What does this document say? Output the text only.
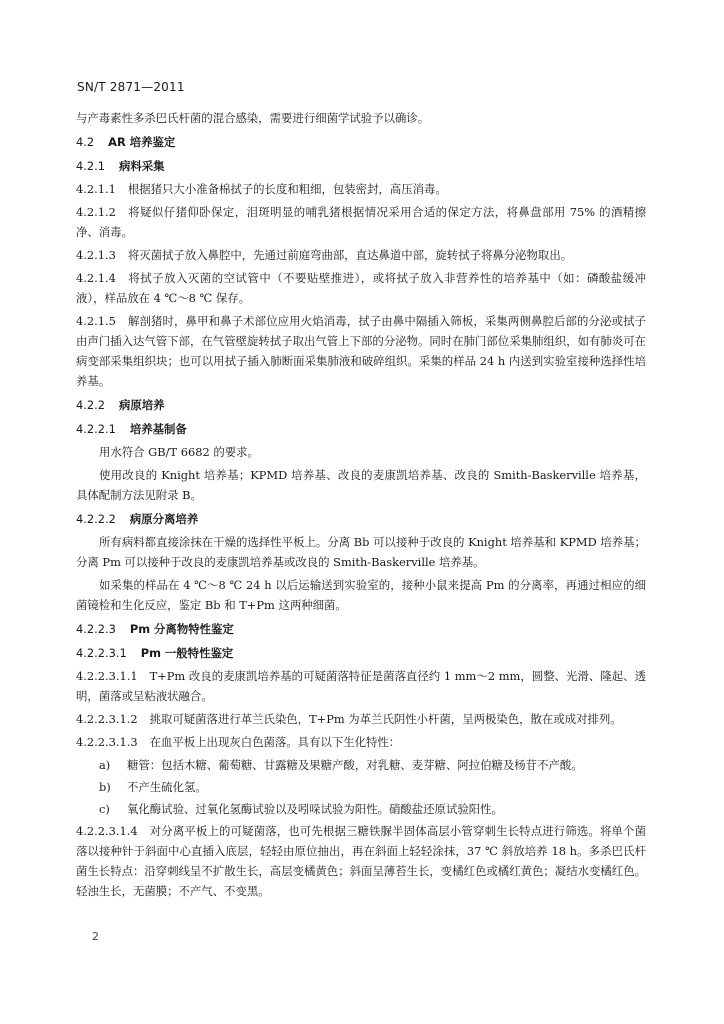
SN/T 2871—2011

与产毒素性多杀巴氏杆菌的混合感染，需要进行细菌学试验予以确诊。

4.2 AR 培养鉴定
4.2.1 病料采集

4.2.1.1 根据猪只大小准备棉拭子的长度和粗细，包装密封，高压消毒。

4.2.1.2 将疑似仔猪仰卧保定，泪斑明显的哺乳猪根据情况采用合适的保定方法，将鼻盘部用 75% 的酒精擦净、消毒。

4.2.1.3 将灭菌拭子放入鼻腔中，先通过前庭弯曲部，直达鼻道中部，旋转拭子将鼻分泌物取出。

4.2.1.4 将拭子放入灭菌的空试管中（不要贴壁推进），或将拭子放入非营养性的培养基中（如：磷酸盐缓冲液），样品放在 4 ℃～8 ℃ 保存。

4.2.1.5 解剖猪时，鼻甲和鼻子术部位应用火焰消毒，拭子由鼻中隔插入筛板，采集两侧鼻腔后部的分泌或拭子由声门插入达气管下部，在气管壁旋转拭子取出气管上下部的分泌物。同时在肺门部位采集肺组织，如有肺炎可在病变部采集组织块；也可以用拭子插入肺断面采集肺液和破碎组织。采集的样品 24 h 内送到实验室接种选择性培养基。

4.2.2 病原培养
4.2.2.1 培养基制备

用水符合 GB/T 6682 的要求。

使用改良的 Knight 培养基；KPMD 培养基、改良的麦康凯培养基、改良的 Smith-Baskerville 培养基，具体配制方法见附录 B。

4.2.2.2 病原分离培养

所有病料都直接涂抹在干燥的选择性平板上。分离 Bb 可以接种于改良的 Knight 培养基和 KPMD 培养基；分离 Pm 可以接种于改良的麦康凯培养基或改良的 Smith-Baskerville 培养基。

如采集的样品在 4 ℃～8 ℃ 24 h 以后运输送到实验室的，接种小鼠来提高 Pm 的分离率，再通过相应的细菌镜检和生化反应，鉴定 Bb 和 T+Pm 这两种细菌。

4.2.2.3 Pm 分离物特性鉴定
4.2.2.3.1 Pm 一般特性鉴定

4.2.2.3.1.1 T+Pm 改良的麦康凯培养基的可疑菌落特征是菌落直径约 1 mm～2 mm，圆整、光滑、隆起、透明，菌落或呈粘液状融合。

4.2.2.3.1.2 挑取可疑菌落进行革兰氏染色，T+Pm 为革兰氏阴性小杆菌，呈两极染色，散在或成对排列。

4.2.2.3.1.3 在血平板上出现灰白色菌落。具有以下生化特性：

a) 糖管：包括木糖、葡萄糖、甘露糖及果糖产酸，对乳糖、麦芽糖、阿拉伯糖及杨苷不产酸。
b) 不产生硫化氢。
c) 氧化酶试验、过氧化氢酶试验以及吲哚试验为阳性。硝酸盐还原试验阳性。

4.2.2.3.1.4 对分离平板上的可疑菌落，也可先根据三糖铁脲半固体高层小管穿刺生长特点进行筛选。将单个菌落以接种针于斜面中心直插入底层，轻轻由原位抽出，再在斜面上轻轻涂抹，37 ℃ 斜放培养 18 h。多杀巴氏杆菌生长特点：沿穿刺线呈不扩散生长，高层变橘黄色；斜面呈薄苔生长，变橘红色或橘红黄色；凝结水变橘红色。轻浊生长，无菌膜；不产气、不变黑。

2
